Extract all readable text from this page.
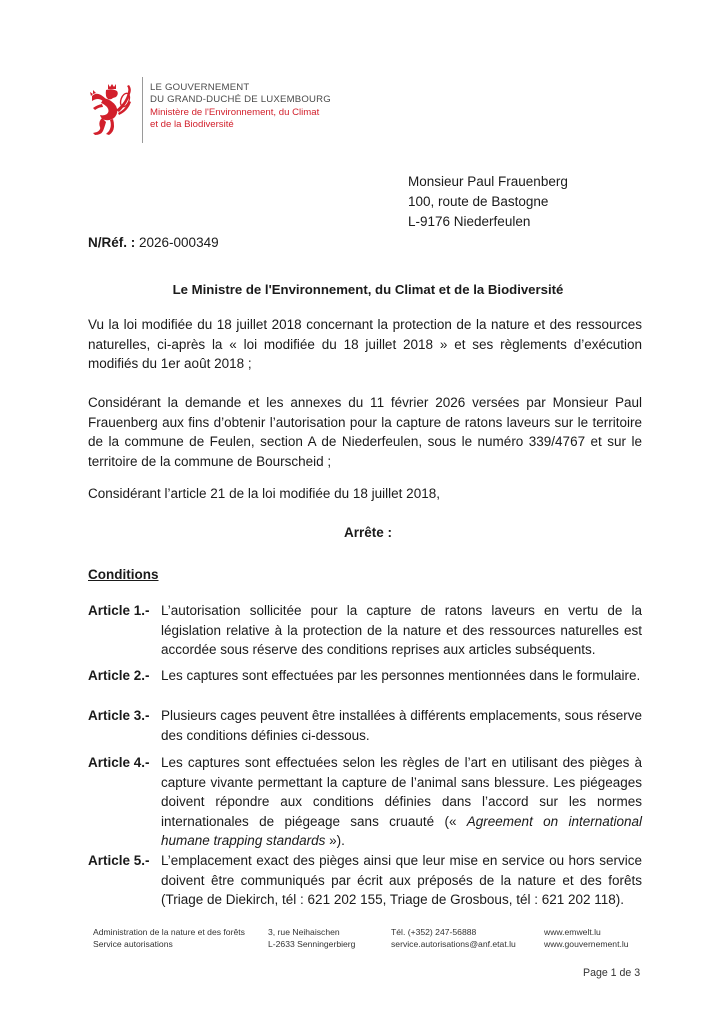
LE GOUVERNEMENT
DU GRAND-DUCHÉ DE LUXEMBOURG
Ministère de l'Environnement, du Climat
et de la Biodiversité
Monsieur Paul Frauenberg
100, route de Bastogne
L-9176 Niederfeulen
N/Réf. : 2026-000349
Le Ministre de l'Environnement, du Climat et de la Biodiversité
Vu la loi modifiée du 18 juillet 2018 concernant la protection de la nature et des ressources naturelles, ci-après la « loi modifiée du 18 juillet 2018 » et ses règlements d’exécution modifiés du 1er août 2018 ;
Considérant la demande et les annexes du 11 février 2026 versées par Monsieur Paul Frauenberg aux fins d’obtenir l’autorisation pour la capture de ratons laveurs sur le territoire de la commune de Feulen, section A de Niederfeulen, sous le numéro 339/4767 et sur le territoire de la commune de Bourscheid ;
Considérant l’article 21 de la loi modifiée du 18 juillet 2018,
Arrête :
Conditions
Article 1.- L’autorisation sollicitée pour la capture de ratons laveurs en vertu de la législation relative à la protection de la nature et des ressources naturelles est accordée sous réserve des conditions reprises aux articles subséquents.
Article 2.- Les captures sont effectuées par les personnes mentionnées dans le formulaire.
Article 3.- Plusieurs cages peuvent être installées à différents emplacements, sous réserve des conditions définies ci-dessous.
Article 4.- Les captures sont effectuées selon les règles de l’art en utilisant des pièges à capture vivante permettant la capture de l’animal sans blessure. Les piégeages doivent répondre aux conditions définies dans l’accord sur les normes internationales de piégeage sans cruauté (« Agreement on international humane trapping standards »).
Article 5.- L’emplacement exact des pièges ainsi que leur mise en service ou hors service doivent être communiqués par écrit aux préposés de la nature et des forêts (Triage de Diekirch, tél : 621 202 155, Triage de Grosbous, tél : 621 202 118).
Administration de la nature et des forêts
Service autorisations
3, rue Neihaischen
L-2633 Senningerbierg
Tél. (+352) 247-56888
service.autorisations@anf.etat.lu
www.emwelt.lu
www.gouvernement.lu
Page 1 de 3
